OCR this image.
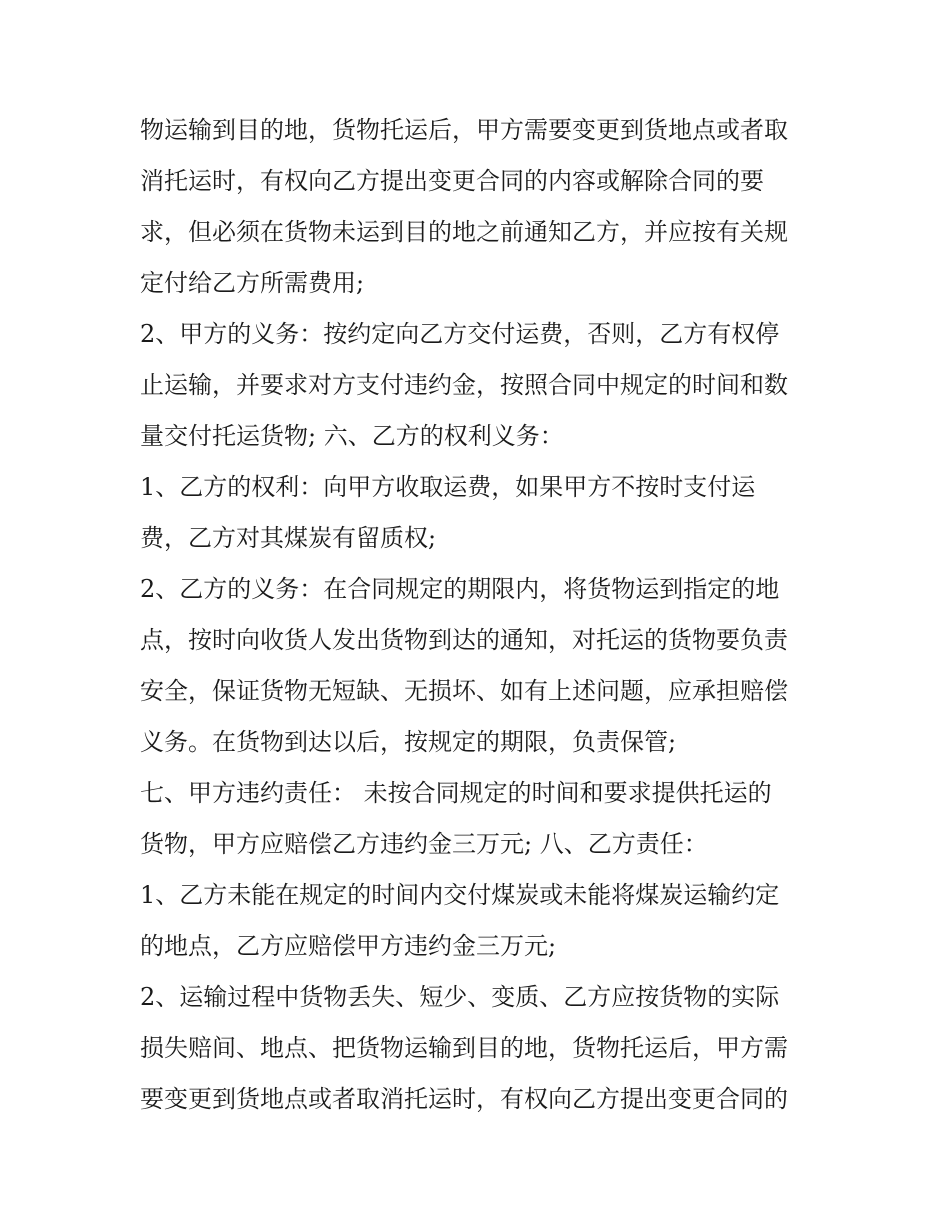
物运输到目的地，货物托运后，甲方需要变更到货地点或者取
消托运时，有权向乙方提出变更合同的内容或解除合同的要
求，但必须在货物未运到目的地之前通知乙方，并应按有关规
定付给乙方所需费用;
2、甲方的义务：按约定向乙方交付运费，否则，乙方有权停
止运输，并要求对方支付违约金，按照合同中规定的时间和数
量交付托运货物; 六、乙方的权利义务：
1、乙方的权利：向甲方收取运费，如果甲方不按时支付运
费，乙方对其煤炭有留质权;
2、乙方的义务：在合同规定的期限内，将货物运到指定的地
点，按时向收货人发出货物到达的通知，对托运的货物要负责
安全，保证货物无短缺、无损坏、如有上述问题，应承担赔偿
义务。在货物到达以后，按规定的期限，负责保管;
七、甲方违约责任： 未按合同规定的时间和要求提供托运的
货物，甲方应赔偿乙方违约金三万元; 八、乙方责任：
1、乙方未能在规定的时间内交付煤炭或未能将煤炭运输约定
的地点，乙方应赔偿甲方违约金三万元;
2、运输过程中货物丢失、短少、变质、乙方应按货物的实际
损失赔间、地点、把货物运输到目的地，货物托运后，甲方需
要变更到货地点或者取消托运时，有权向乙方提出变更合同的
